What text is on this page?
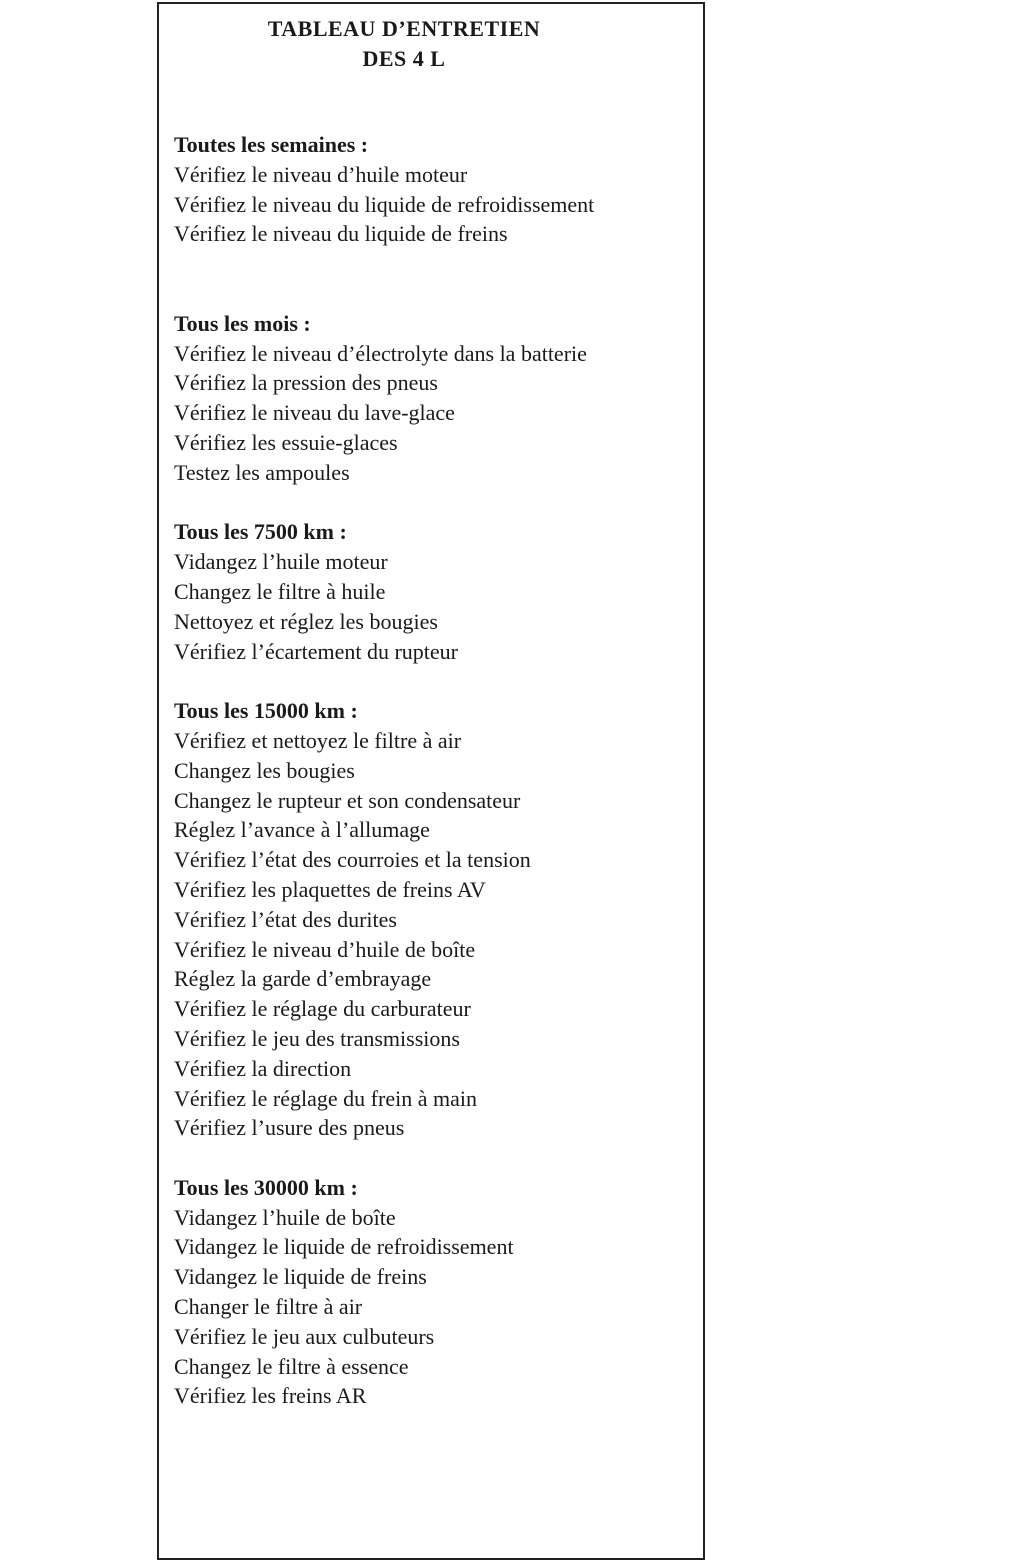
TABLEAU D’ENTRETIEN
DES 4 L
Toutes les semaines :
Vérifiez le niveau d’huile moteur
Vérifiez le niveau du liquide de refroidissement
Vérifiez le niveau du liquide de freins
Tous les mois :
Vérifiez le niveau d’électrolyte dans la batterie
Vérifiez la pression des pneus
Vérifiez le niveau du lave-glace
Vérifiez les essuie-glaces
Testez les ampoules
Tous les 7500 km :
Vidangez l’huile moteur
Changez le filtre à huile
Nettoyez et réglez les bougies
Vérifiez l’écartement du rupteur
Tous les 15000 km :
Vérifiez et nettoyez le filtre à air
Changez les bougies
Changez le rupteur et son condensateur
Réglez l’avance à l’allumage
Vérifiez l’état des courroies et la tension
Vérifiez les plaquettes de freins AV
Vérifiez l’état des durites
Vérifiez le niveau d’huile de boîte
Réglez la garde d’embrayage
Vérifiez le réglage du carburateur
Vérifiez le jeu des transmissions
Vérifiez la direction
Vérifiez le réglage du frein à main
Vérifiez l’usure des pneus
Tous les 30000 km :
Vidangez l’huile de boîte
Vidangez le liquide de refroidissement
Vidangez le liquide de freins
Changer le filtre à air
Vérifiez le jeu aux culbuteurs
Changez le filtre à essence
Vérifiez les freins AR
